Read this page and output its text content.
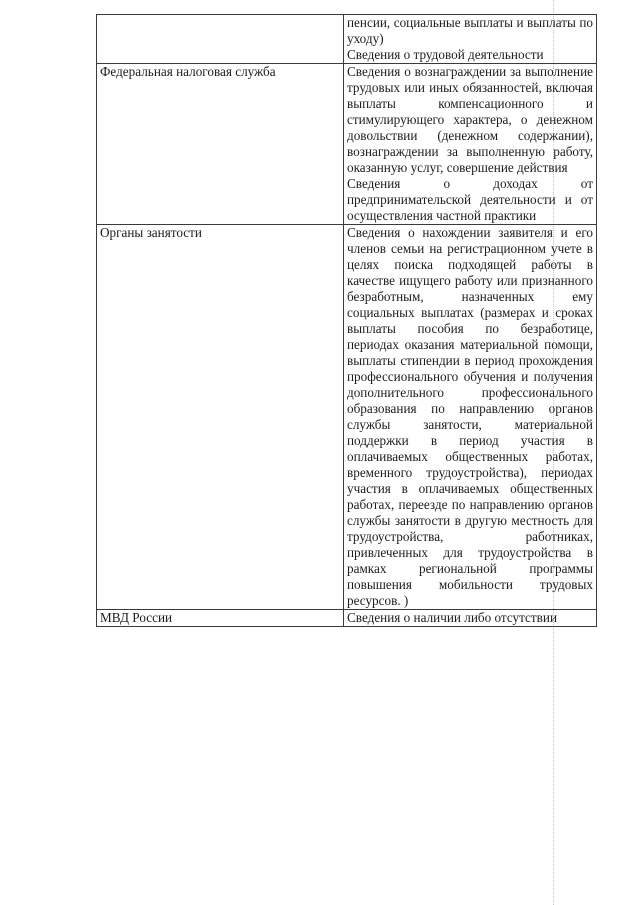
	пенсии, социальные выплаты и выплаты по уходу)
Сведения о трудовой деятельности

Федеральная налоговая служба	Сведения о вознаграждении за выполнение трудовых или иных обязанностей, включая выплаты компенсационного и стимулирующего характера, о денежном довольствии (денежном содержании), вознаграждении за выполненную работу, оказанную услуг, совершение действия
Сведения о доходах от предпринимательской деятельности и от осуществления частной практики

Органы занятости	Сведения о нахождении заявителя и его членов семьи на регистрационном учете в целях поиска подходящей работы в качестве ищущего работу или признанного безработным, назначенных ему социальных выплатах (размерах и сроках выплаты пособия по безработице, периодах оказания материальной помощи, выплаты стипендии в период прохождения профессионального обучения и получения дополнительного профессионального образования по направлению органов службы занятости, материальной поддержки в период участия в оплачиваемых общественных работах, временного трудоустройства), периодах участия в оплачиваемых общественных работах, переезде по направлению органов службы занятости в другую местность для трудоустройства, работниках, привлеченных для трудоустройства в рамках региональной программы повышения мобильности трудовых ресурсов. )

МВД России	Сведения о наличии либо отсутствии
